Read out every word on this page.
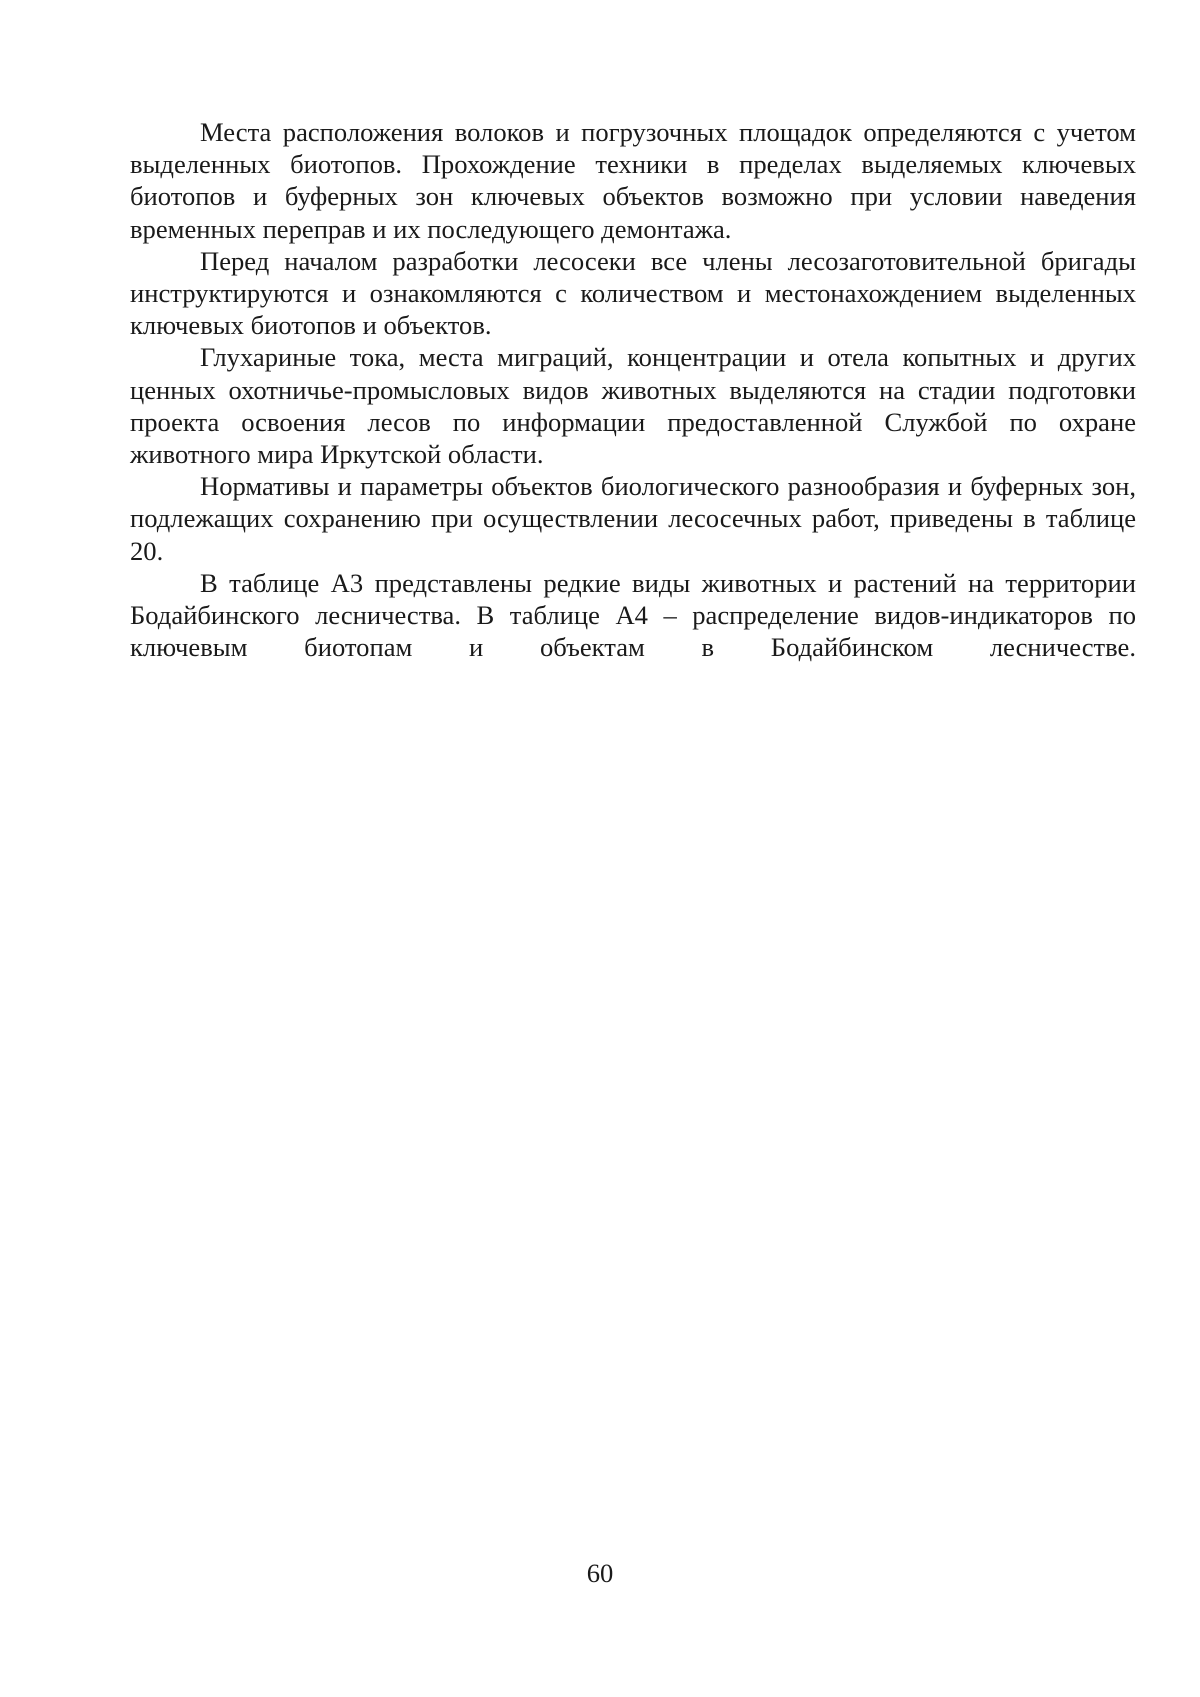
Места расположения волоков и погрузочных площадок определяются с учетом выделенных биотопов. Прохождение техники в пределах выделяемых ключевых биотопов и буферных зон ключевых объектов возможно при условии наведения временных переправ и их последующего демонтажа.

Перед началом разработки лесосеки все члены лесозаготовительной бригады инструктируются и ознакомляются с количеством и местонахождением выделенных ключевых биотопов и объектов.

Глухариные тока, места миграций, концентрации и отела копытных и других ценных охотничье-промысловых видов животных выделяются на стадии подготовки проекта освоения лесов по информации предоставленной Службой по охране животного мира Иркутской области.

Нормативы и параметры объектов биологического разнообразия и буферных зон, подлежащих сохранению при осуществлении лесосечных работ, приведены в таблице 20.

В таблице А3 представлены редкие виды животных и растений на территории Бодайбинского лесничества. В таблице А4 – распределение видов-индикаторов по ключевым биотопам и объектам в Бодайбинском лесничестве.

60
